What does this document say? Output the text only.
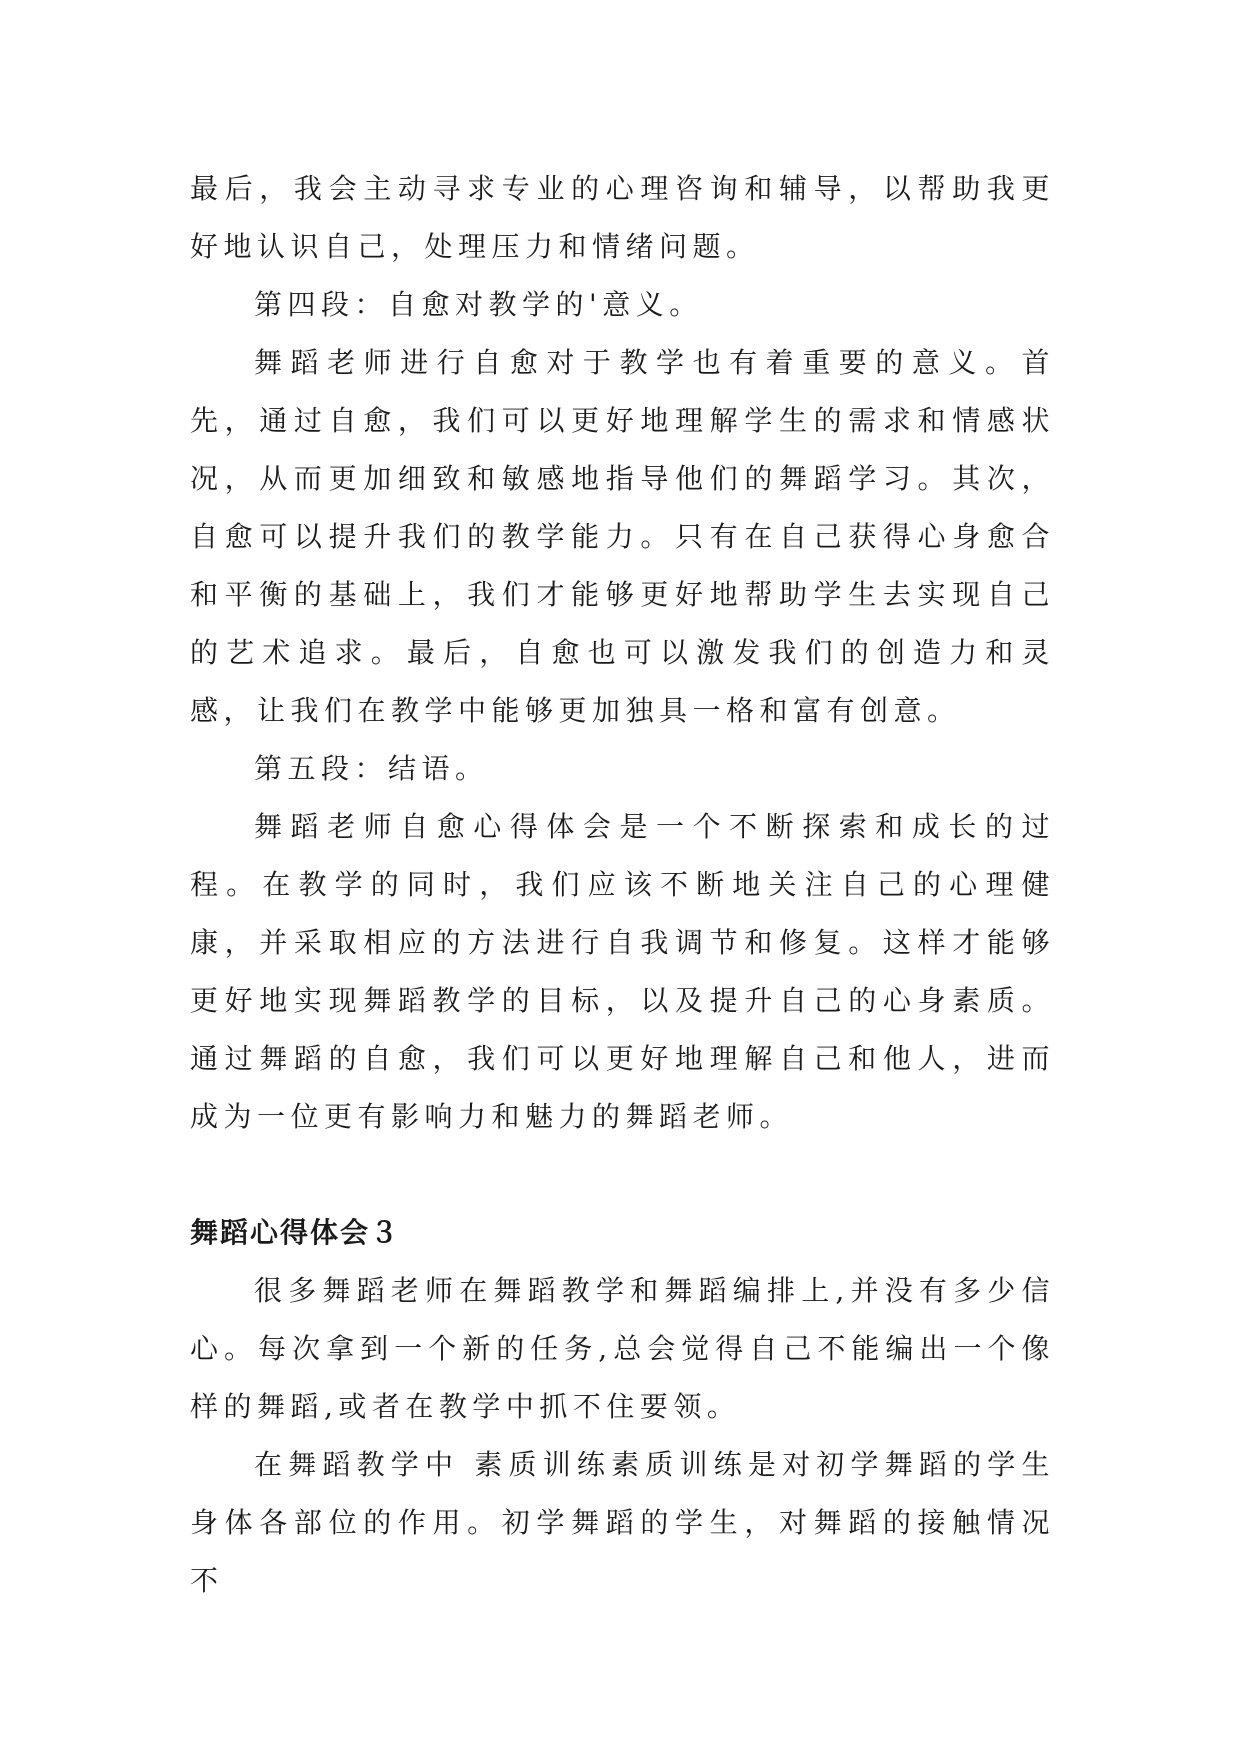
最后，我会主动寻求专业的心理咨询和辅导，以帮助我更好地认识自己，处理压力和情绪问题。

第四段：自愈对教学的'意义。

舞蹈老师进行自愈对于教学也有着重要的意义。首先，通过自愈，我们可以更好地理解学生的需求和情感状况，从而更加细致和敏感地指导他们的舞蹈学习。其次，自愈可以提升我们的教学能力。只有在自己获得心身愈合和平衡的基础上，我们才能够更好地帮助学生去实现自己的艺术追求。最后，自愈也可以激发我们的创造力和灵感，让我们在教学中能够更加独具一格和富有创意。

第五段：结语。

舞蹈老师自愈心得体会是一个不断探索和成长的过程。在教学的同时，我们应该不断地关注自己的心理健康，并采取相应的方法进行自我调节和修复。这样才能够更好地实现舞蹈教学的目标，以及提升自己的心身素质。通过舞蹈的自愈，我们可以更好地理解自己和他人，进而成为一位更有影响力和魅力的舞蹈老师。

舞蹈心得体会３

很多舞蹈老师在舞蹈教学和舞蹈编排上,并没有多少信心。每次拿到一个新的任务,总会觉得自己不能编出一个像样的舞蹈,或者在教学中抓不住要领。

在舞蹈教学中 素质训练素质训练是对初学舞蹈的学生身体各部位的作用。初学舞蹈的学生，对舞蹈的接触情况不
